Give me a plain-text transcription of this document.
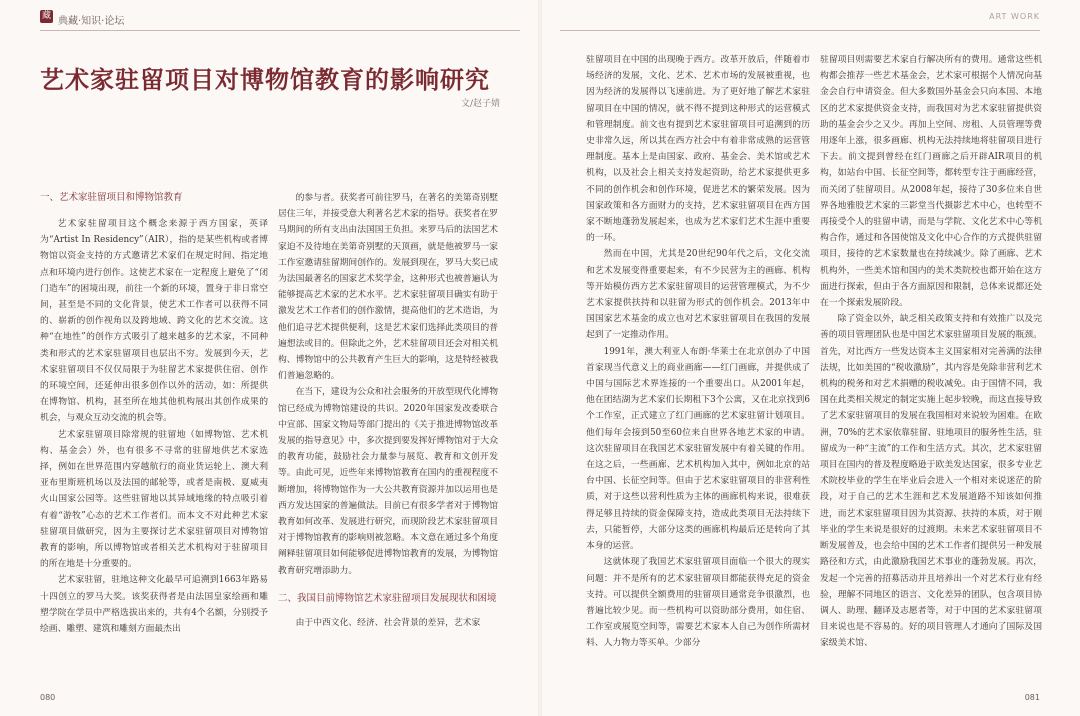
藏 典藏·知识·论坛
艺术家驻留项目对博物馆教育的影响研究
文/赵子婧
一、艺术家驻留项目和博物馆教育

艺术家驻留项目这个概念来源于西方国家，英译为“Artist In Residency”（AIR），指的是某些机构或者博物馆以资金支持的方式邀请艺术家们在规定时间、指定地点和环境内进行创作。这使艺术家在一定程度上避免了“闭门造车”的困境出现，前往一个新的环境，置身于非日常空间，甚至是不同的文化背景，使艺术工作者可以获得不同的、崭新的创作视角以及跨地域、跨文化的艺术交流。这种“在地性”的创作方式吸引了越来越多的艺术家，不同种类和形式的艺术家驻留项目也层出不穷。发展到今天，艺术家驻留项目不仅仅局限于为驻留艺术家提供住宿、创作的环境空间，还延伸出很多创作以外的活动，如：所提供在博物馆、机构，甚至所在地其他机构展出其创作成果的机会，与观众互动交流的机会等。

艺术家驻留项目除常规的驻留地（如博物馆、艺术机构、基金会）外，也有很多不寻常的驻留地供艺术家选择，例如在世界范围内穿越航行的商业货运轮上、澳大利亚布里斯班机场以及法国的邮轮等，或者是南极、夏威夷火山国家公园等。这些驻留地以其异域地缘的特点吸引着有着“游牧”心态的艺术工作者们。而本文不对此种艺术家驻留项目做研究，因为主要探讨艺术家驻留项目对博物馆教育的影响，所以博物馆或者相关艺术机构对于驻留项目的所在地是十分重要的。

艺术家驻留，驻地这种文化最早可追溯到1663年路易十四创立的罗马大奖。该奖获得者是由法国皇家绘画和雕塑学院在学员中严格选拔出来的，共有4个名额，分别授予绘画、雕塑、建筑和雕刻方面最杰出

的参与者。获奖者可前往罗马，在著名的美第奇别墅居住三年，并接受意大利著名艺术家的指导。获奖者在罗马期间的所有支出由法国国王负担。来罗马后的法国艺术家迫不及待地在美第奇别墅的天顶画，就是他被罗马一家工作室邀请驻留期间创作的。发展到现在，罗马大奖已成为法国最著名的国家艺术奖学金，这种形式也被普遍认为能够提高艺术家的艺术水平。艺术家驻留项目确实有助于激发艺术工作者们的创作激情，提高他们的艺术造诣，为他们追寻艺术提供便利，这是艺术家们选择此类项目的普遍想法或目的。但除此之外，艺术驻留项目还会对相关机构、博物馆中的公共教育产生巨大的影响，这是特经被我们普遍忽略的。

在当下，建设为公众和社会服务的开放型现代化博物馆已经成为博物馆建设的共识。2020年国家发改委联合中宣部、国家文物局等部门提出的《关于推进博物馆改革发展的指导意见》中，多次提到要发挥好博物馆对于大众的教育功能，鼓励社会力量参与展览、教育和文创开发等。由此可见，近些年来博物馆教育在国内的重视程度不断增加，将博物馆作为一大公共教育资源并加以运用也是西方发达国家的普遍做法。目前已有很多学者对于博物馆教育如何改革、发展进行研究，而现阶段艺术家驻留项目对于博物馆教育的影响则被忽略。本文意在通过多个角度阐释驻留项目如何能够促进博物馆教育的发展，为博物馆教育研究增添助力。

二、我国目前博物馆艺术家驻留项目发展现状和困境

由于中西文化、经济、社会背景的差异，艺术家

080
ART WORK

驻留项目在中国的出现晚于西方。改革开放后，伴随着市场经济的发展，文化、艺术、艺术市场的发展被重视，也因为经济的发展得以飞速前进。为了更好地了解艺术家驻留项目在中国的情况，就不得不提到这种形式的运营模式和管理制度。前文也有提到艺术家驻留项目可追溯到的历史非常久远，所以其在西方社会中有着非常成熟的运营管理制度。基本上是由国家、政府、基金会、美术馆或艺术机构，以及社会上相关支持发起资助，给艺术家提供更多不同的创作机会和创作环境，促进艺术的繁荣发展。因为国家政策和各方面财力的支持，艺术家驻留项目在西方国家不断地蓬勃发展起来，也成为艺术家们艺术生涯中重要的一环。

然而在中国，尤其是20世纪90年代之后，文化交流和艺术发展变得重要起来，有不少民营为主的画廊、机构等开始模仿西方艺术家驻留项目的运营管理模式，为不少艺术家提供扶持和以驻留为形式的创作机会。2013年中国国家艺术基金的成立也对艺术家驻留项目在我国的发展起到了一定推动作用。

1991年，澳大利亚人布朗·华莱士在北京创办了中国首家现当代意义上的商业画廊——红门画廊，并提供成了中国与国际艺术界连接的一个重要出口。从2001年起，他在团结湖为艺术家们长期租下3个公寓，又在北京找到6个工作室，正式建立了红门画廊的艺术家驻留计划项目。他们每年会接到50至60位来自世界各地艺术家的申请。这次驻留项目在我国艺术家驻留发展中有着关键的作用。在这之后，一些画廊、艺术机构加入其中，例如北京的站台中国、长征空间等。但由于艺术家驻留项目的非营利性质，对于这些以营利性质为主体的画廊机构来说，很难获得足够且持续的资金保障支持，造成此类项目无法持续下去，只能暂停，大部分这类的画廊机构最后还是转向了其本身的运营。

这就体现了我国艺术家驻留项目面临一个很大的现实问题：并不是所有的艺术家驻留项目都能获得充足的资金支持。可以提供全额费用的驻留项目通常竞争很激烈，也普遍比较少见。而一些机构可以资助部分费用，如住宿、工作室或展览空间等，需要艺术家本人自己为创作所需材料、人力物力等买单。少部分

驻留项目则需要艺术家自行解决所有的费用。通常这些机构都会推荐一些艺术基金会，艺术家可根据个人情况向基金会自行申请资金。但大多数国外基金会只向本国、本地区的艺术家提供资金支持，而我国对为艺术家驻留提供资助的基金会少之又少。再加上空间、房租、人员管理等费用逐年上涨，很多画廊、机构无法持续地将驻留项目进行下去。前文提到曾经在红门画廊之后开辟AIR项目的机构，如站台中国、长征空间等，都转型专注于画廊经营，而关闭了驻留项目。从2008年起，接待了30多位来自世界各地雅股艺术家的三影堂当代摄影艺术中心，也转型不再接受个人的驻留申请，而是与学院、文化艺术中心等机构合作，通过和各国使馆及文化中心合作的方式提供驻留项目，接待的艺术家数量也在持续减少。除了画廊、艺术机构外，一些美术馆和国内的美术类院校也都开始在这方面进行探索，但由于各方面原因和限制，总体来说都还处在一个探索发展阶段。

除了资金以外，缺乏相关政策支持和有效推广以及完善的项目管理团队也是中国艺术家驻留项目发展的瓶颈。首先，对比西方一些发达资本主义国家相对完善满的法律法规，比如美国的“税收激励”，其内容是免除非营利艺术机构的税务和对艺术捐赠的税收减免。由于国情不同，我国在此类相关规定的制定实施上起步较晚，而这直接导致了艺术家驻留项目的发展在我国相对来说较为困难。在欧洲，70%的艺术家依靠驻留、驻地项目的服务性生活，驻留成为一种“主流”的工作和生活方式。其次，艺术家驻留项目在国内的普及程度略逊于欧美发达国家，很多专业艺术院校毕业的学生在毕业后会进入一个相对来说迷茫的阶段，对于自己的艺术生涯和艺术发展道路不知该如何推进，而艺术家驻留项目因为其资源、扶持的本质，对于刚毕业的学生来说是很好的过渡期。未来艺术家驻留项目不断发展普及，也会给中国的艺术工作者们提供另一种发展路径和方式，由此激励我国艺术事业的蓬勃发展。再次，发起一个完善的招募活动并且培养出一个对艺术行业有经验，理解不同地区的语言、文化差异的团队，包含项目协调人、助理、翻译及志愿者等，对于中国的艺术家驻留项目来说也是不容易的。好的项目管理人才通向了国际及国家级美术馆、

081
